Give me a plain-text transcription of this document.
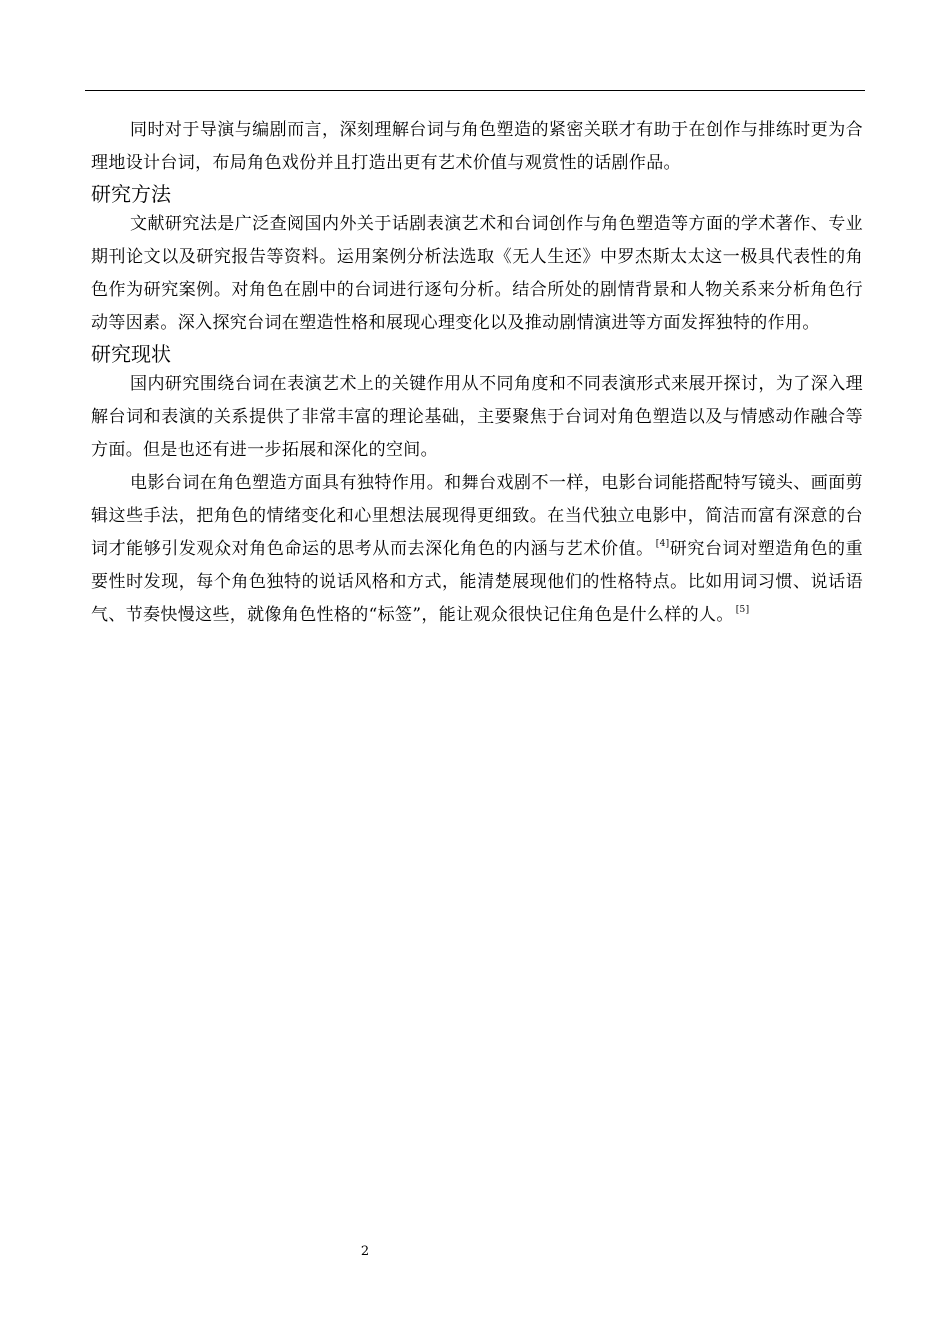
同时对于导演与编剧而言，深刻理解台词与角色塑造的紧密关联才有助于在创作与排练时更为合理地设计台词，布局角色戏份并且打造出更有艺术价值与观赏性的话剧作品。

研究方法

文献研究法是广泛查阅国内外关于话剧表演艺术和台词创作与角色塑造等方面的学术著作、专业期刊论文以及研究报告等资料。运用案例分析法选取《无人生还》中罗杰斯太太这一极具代表性的角色作为研究案例。对角色在剧中的台词进行逐句分析。结合所处的剧情背景和人物关系来分析角色行动等因素。深入探究台词在塑造性格和展现心理变化以及推动剧情演进等方面发挥独特的作用。

研究现状

国内研究围绕台词在表演艺术上的关键作用从不同角度和不同表演形式来展开探讨，为了深入理解台词和表演的关系提供了非常丰富的理论基础，主要聚焦于台词对角色塑造以及与情感动作融合等方面。但是也还有进一步拓展和深化的空间。

电影台词在角色塑造方面具有独特作用。和舞台戏剧不一样，电影台词能搭配特写镜头、画面剪辑这些手法，把角色的情绪变化和心里想法展现得更细致。在当代独立电影中，简洁而富有深意的台词才能够引发观众对角色命运的思考从而去深化角色的内涵与艺术价值。 [4]研究台词对塑造角色的重要性时发现，每个角色独特的说话风格和方式，能清楚展现他们的性格特点。比如用词习惯、说话语气、节奏快慢这些，就像角色性格的“标签”，能让观众很快记住角色是什么样的人。 [5]

2
